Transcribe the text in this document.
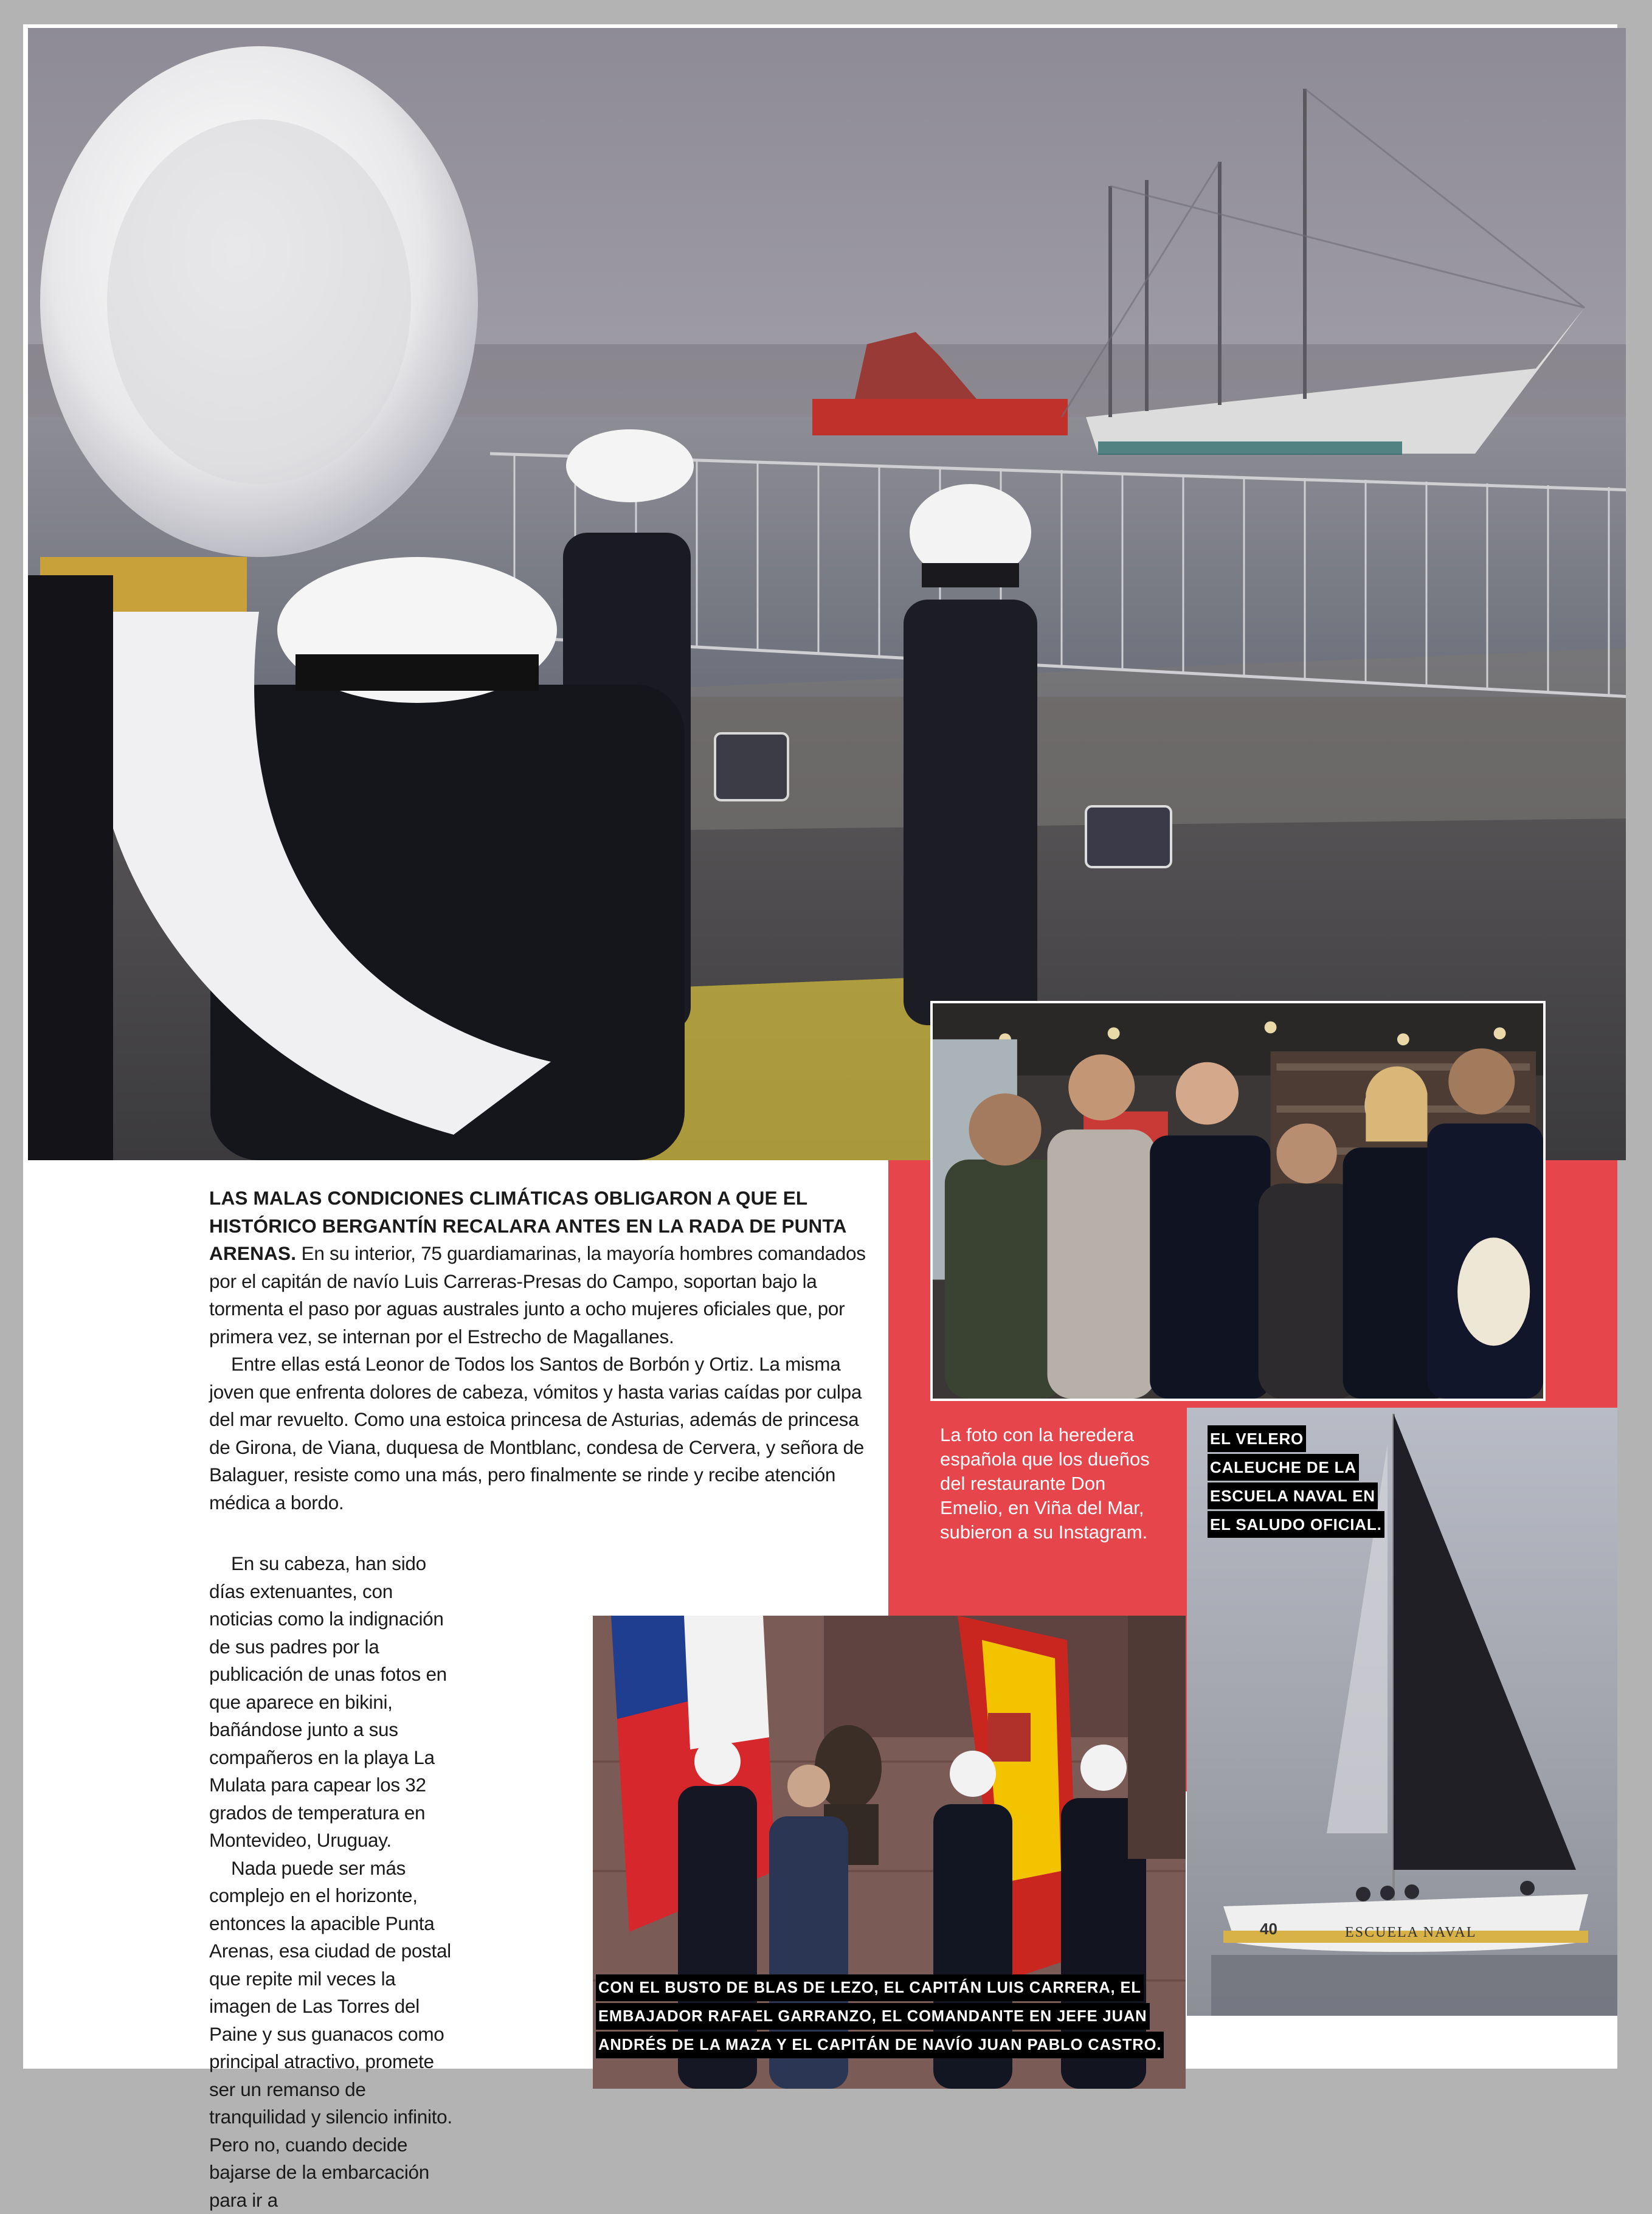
40	ESCUELA NAVAL

LAS MALAS CONDICIONES CLIMÁTICAS OBLIGARON A QUE EL HISTÓRICO BERGANTÍN RECALARA ANTES EN LA RADA DE PUNTA ARENAS. En su interior, 75 guardiamarinas, la mayoría hombres comandados por el capitán de navío Luis Carreras-Presas do Campo, soportan bajo la tormenta el paso por aguas australes junto a ocho mujeres oficiales que, por primera vez, se internan por el Estrecho de Magallanes.

Entre ellas está Leonor de Todos los Santos de Borbón y Ortiz. La misma joven que enfrenta dolores de cabeza, vómitos y hasta varias caídas por culpa del mar revuelto. Como una estoica princesa de Asturias, además de princesa de Girona, de Viana, duquesa de Montblanc, condesa de Cervera, y señora de Balaguer, resiste como una más, pero finalmente se rinde y recibe atención médica a bordo.

En su cabeza, han sido días extenuantes, con noticias como la indignación de sus padres por la publicación de unas fotos en que aparece en bikini, bañándose junto a sus compañeros en la playa La Mulata para capear los 32 grados de temperatura en Montevideo, Uruguay.

Nada puede ser más complejo en el horizonte, entonces la apacible Punta Arenas, esa ciudad de postal que repite mil veces la imagen de Las Torres del Paine y sus guanacos como principal atractivo, promete ser un remanso de tranquilidad y silencio infinito. Pero no, cuando decide bajarse de la embarcación para ir a

La foto con la heredera española que los dueños del restaurante Don Emelio, en Viña del Mar, subieron a su Instagram.
EL VELERO
CALEUCHE DE LA
ESCUELA NAVAL EN
EL SALUDO OFICIAL.
CON EL BUSTO DE BLAS DE LEZO, EL CAPITÁN LUIS CARRERA, EL
EMBAJADOR RAFAEL GARRANZO, EL COMANDANTE EN JEFE JUAN
ANDRÉS DE LA MAZA Y EL CAPITÁN DE NAVÍO JUAN PABLO CASTRO.
